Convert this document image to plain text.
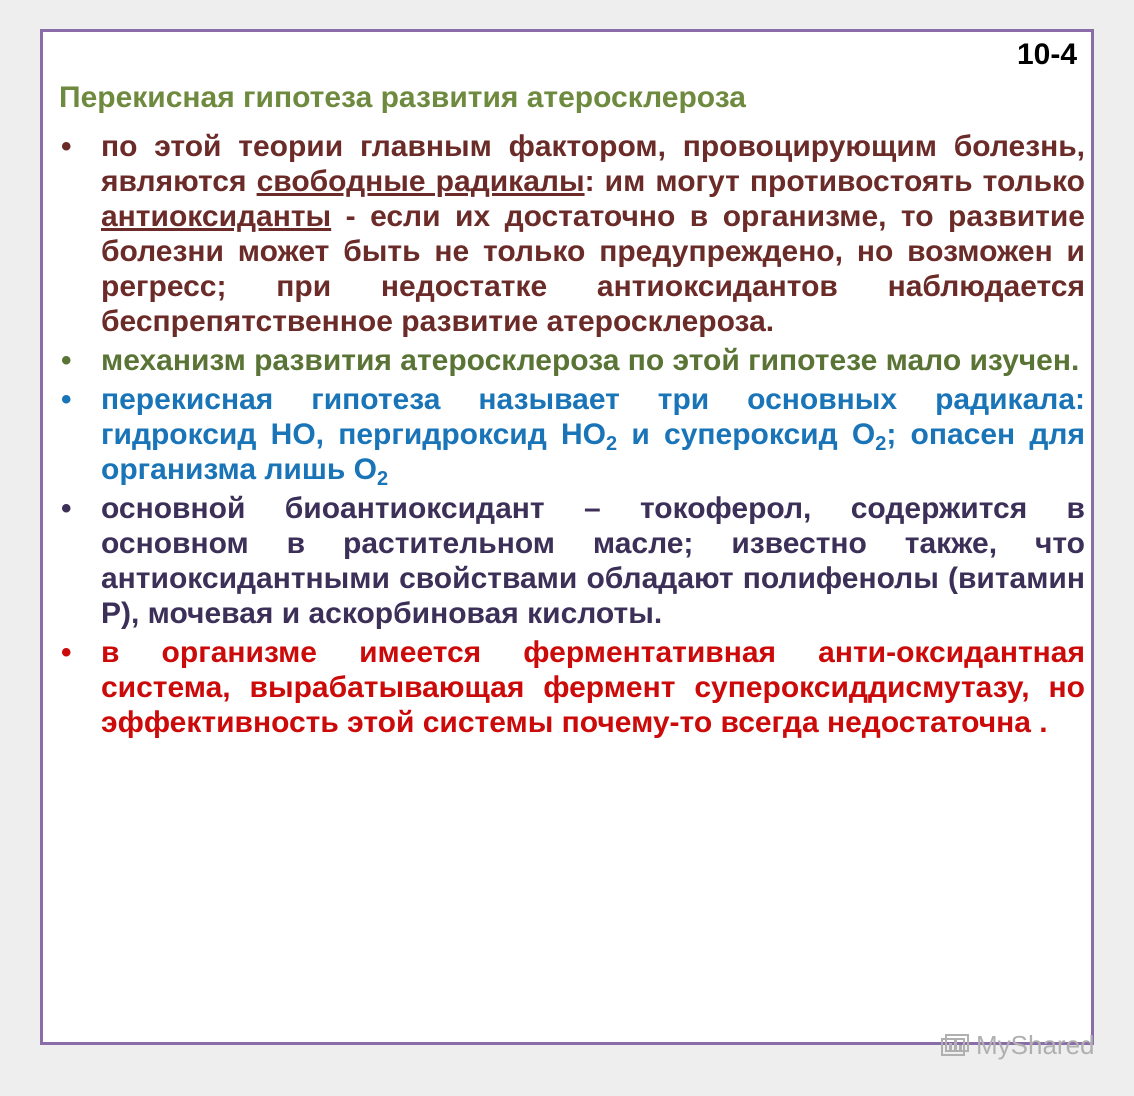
10-4
Перекисная гипотеза развития атеросклероза
• по этой теории главным фактором, провоцирующим болезнь, являются свободные радикалы: им могут противостоять только антиоксиданты - если их достаточно в организме, то развитие болезни может быть не только предупреждено, но возможен и регресс; при недостатке антиоксидантов наблюдается беспрепятственное развитие атеросклероза.
• механизм развития атеросклероза по этой гипотезе мало изучен.
• перекисная гипотеза называет три основных радикала: гидроксид НО, пергидроксид $НО_2$ и супероксид $О_2$; опасен для организма лишь $О_2$
• основной биоантиоксидант – токоферол, содержится в основном в растительном масле; известно также, что антиоксидантными свойствами обладают полифенолы (витамин Р), мочевая и аскорбиновая кислоты.
• в организме имеется ферментативная анти-оксидантная система, вырабатывающая фермент супероксиддисмутазу, но эффективность этой системы почему-то всегда недостаточна .
MyShared
